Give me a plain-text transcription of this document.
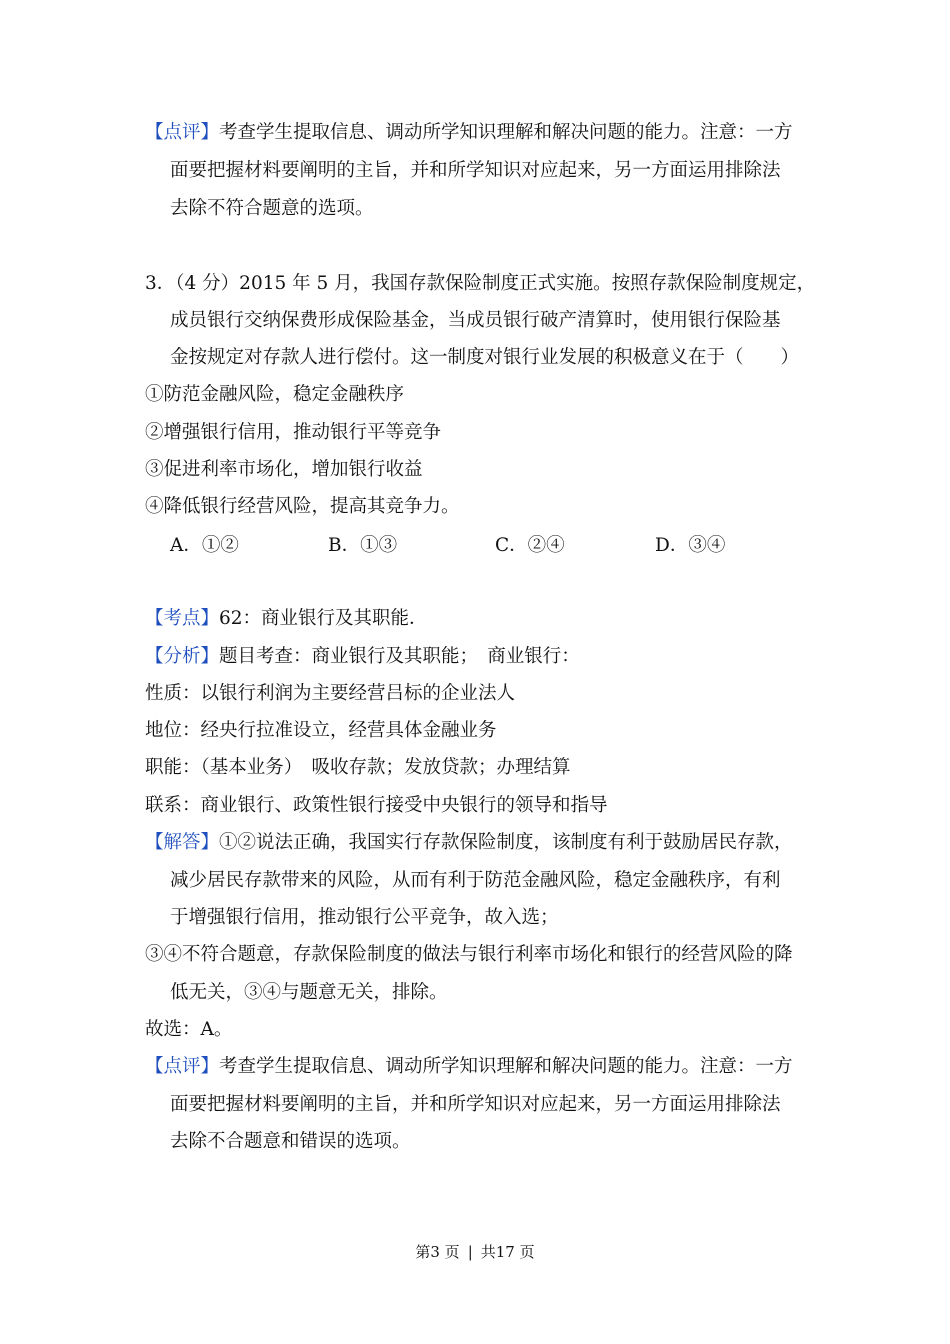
【点评】考查学生提取信息、调动所学知识理解和解决问题的能力。注意：一方
面要把握材料要阐明的主旨，并和所学知识对应起来，另一方面运用排除法
去除不符合题意的选项。
3．（4 分）2015 年 5 月，我国存款保险制度正式实施。按照存款保险制度规定，
成员银行交纳保费形成保险基金，当成员银行破产清算时，使用银行保险基
金按规定对存款人进行偿付。这一制度对银行业发展的积极意义在于（　　）
①防范金融风险，稳定金融秩序
②增强银行信用，推动银行平等竞争
③促进利率市场化，增加银行收益
④降低银行经营风险，提高其竞争力。
A．①②	B．①③	C．②④	D．③④
【考点】62：商业银行及其职能．
【分析】题目考查：商业银行及其职能；　商业银行：
性质：以银行利润为主要经营吕标的企业法人
地位：经央行拉准设立，经营具体金融业务
职能：（基本业务）　吸收存款；发放贷款；办理结算
联系：商业银行、政策性银行接受中央银行的领导和指导
【解答】①②说法正确，我国实行存款保险制度，该制度有利于鼓励居民存款，
减少居民存款带来的风险，从而有利于防范金融风险，稳定金融秩序，有利
于增强银行信用，推动银行公平竞争，故入选；
③④不符合题意，存款保险制度的做法与银行利率市场化和银行的经营风险的降
低无关，③④与题意无关，排除。
故选：A。
【点评】考查学生提取信息、调动所学知识理解和解决问题的能力。注意：一方
面要把握材料要阐明的主旨，并和所学知识对应起来，另一方面运用排除法
去除不合题意和错误的选项。
第3 页 | 共17 页
